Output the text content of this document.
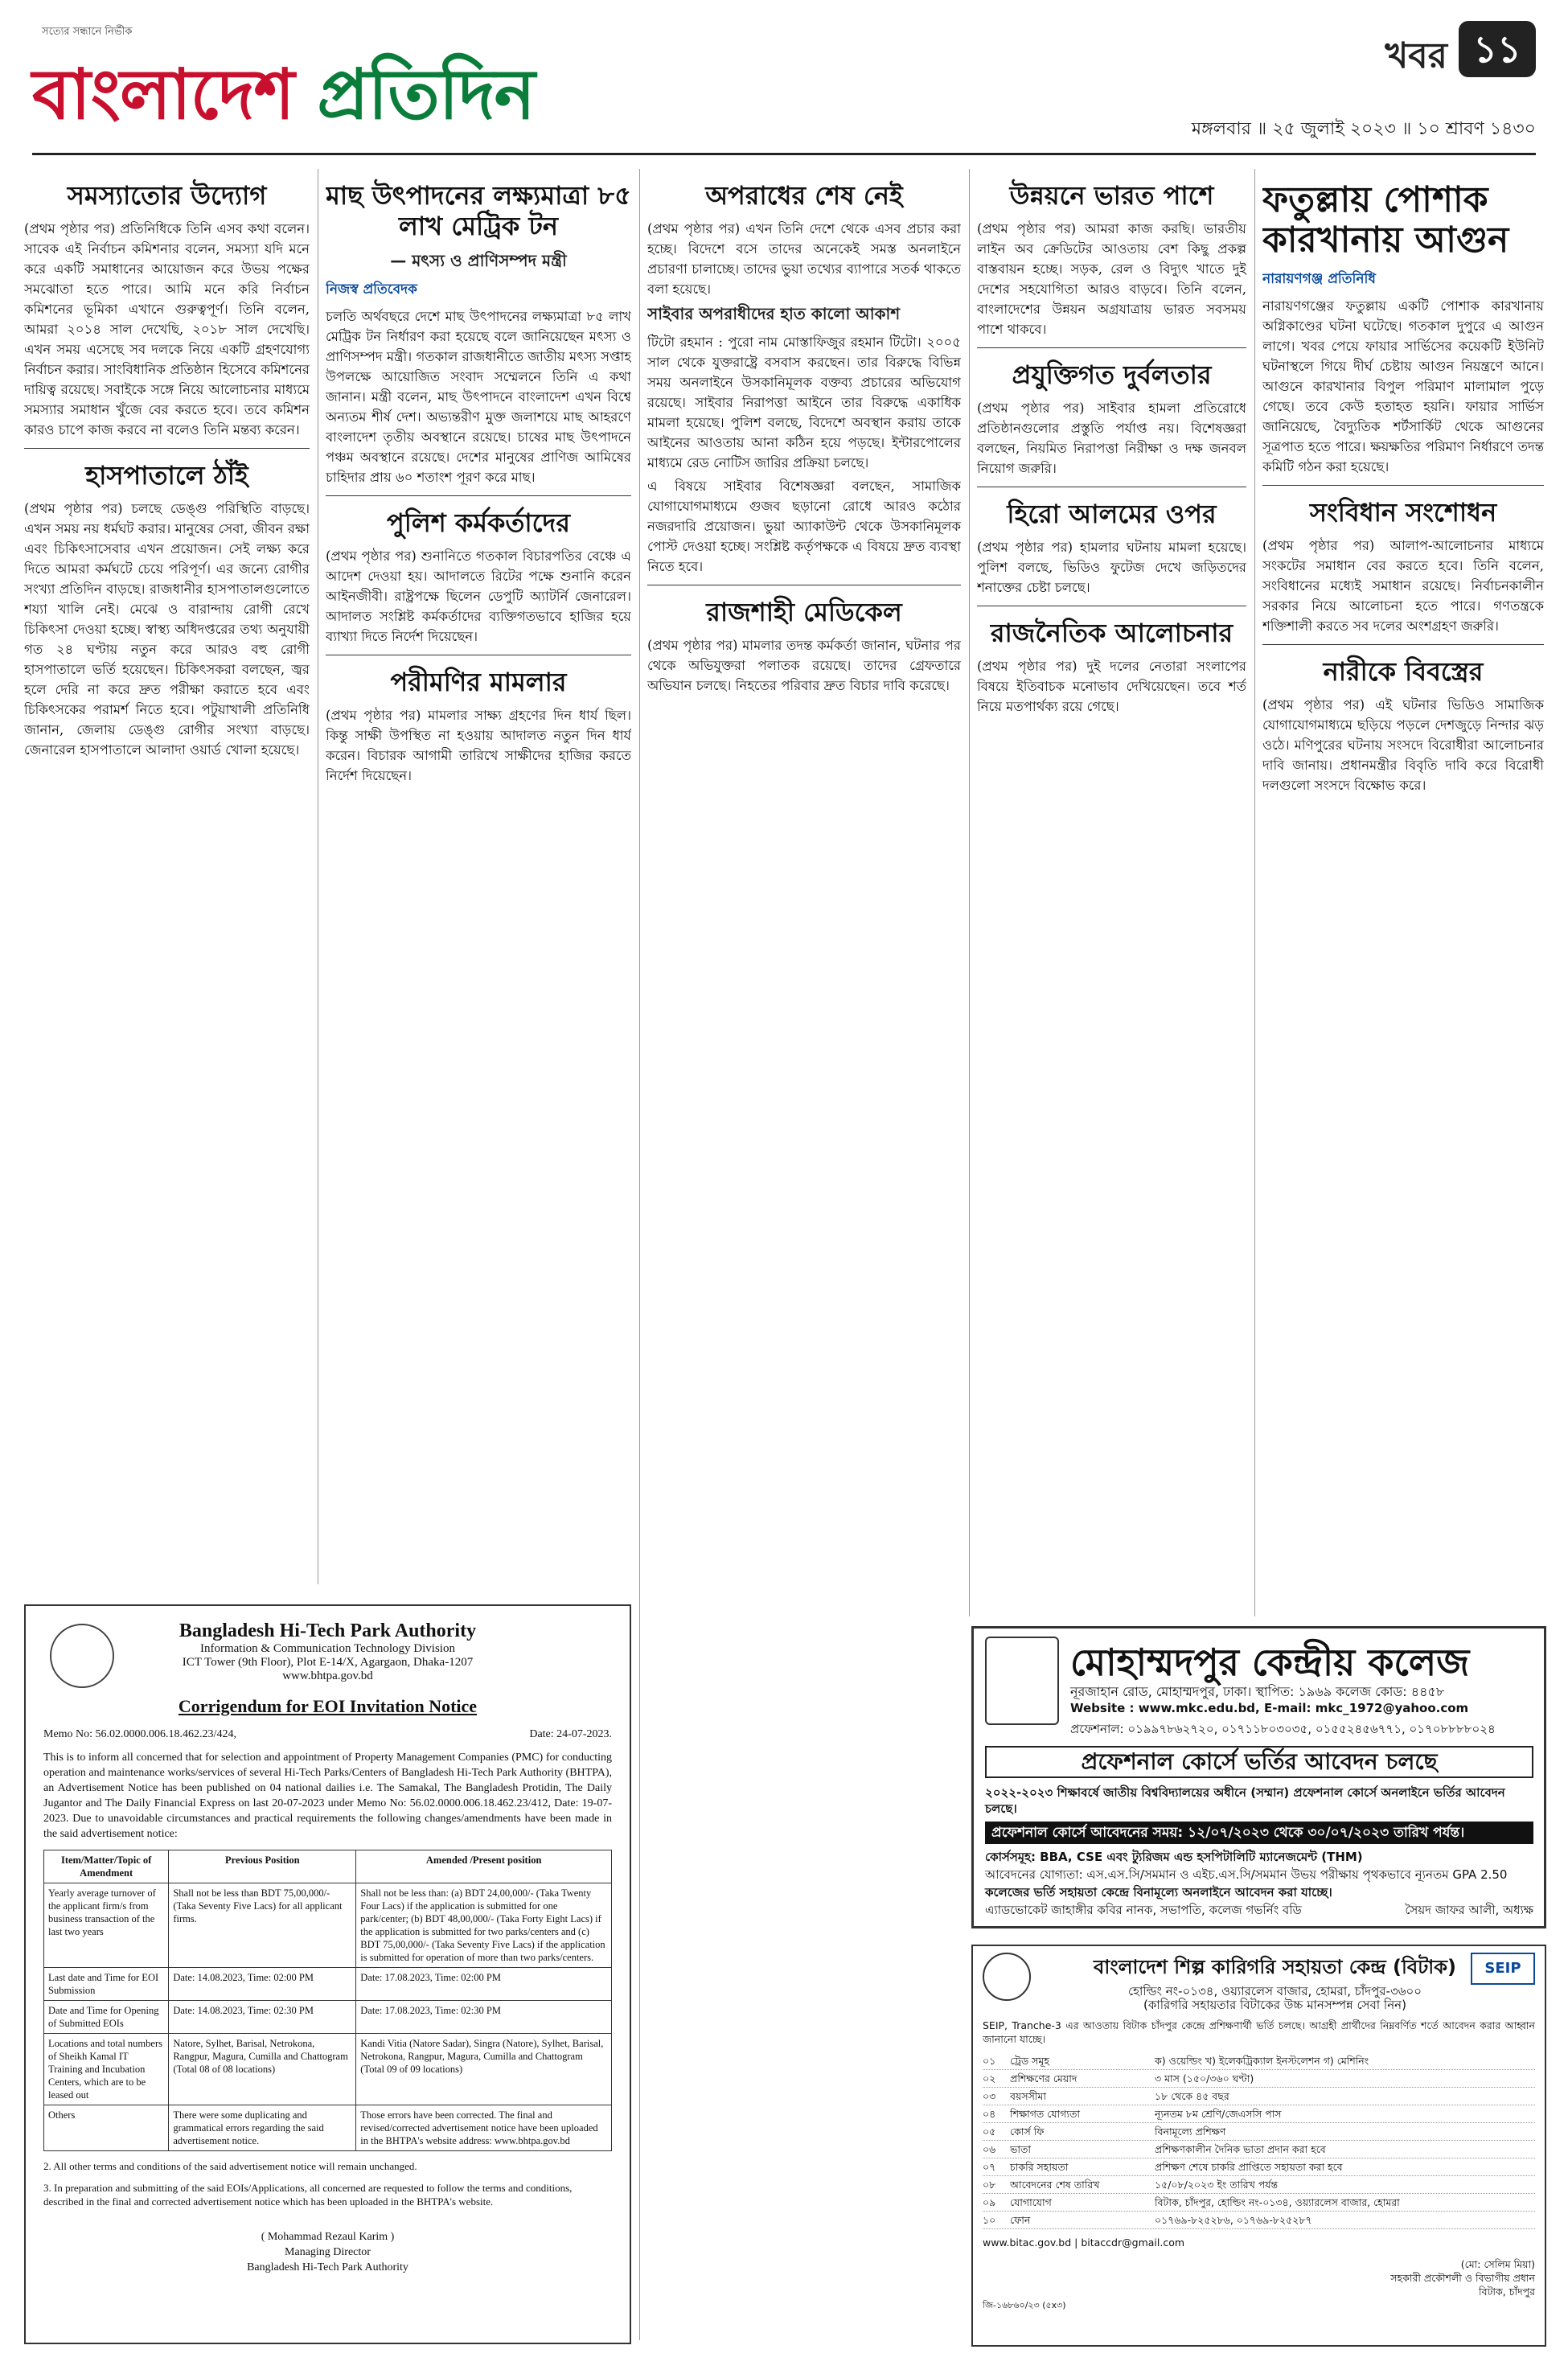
সত্যের সন্ধানে নির্ভীক
বাংলাদেশ প্রতিদিন	খবর ১১
মঙ্গলবার ॥ ২৫ জুলাই ২০২৩ ॥ ১০ শ্রাবণ ১৪৩০
সমস্যাতোর উদ্যোগ

(প্রথম পৃষ্ঠার পর) প্রতিনিধিকে তিনি এসব কথা বলেন। সাবেক এই নির্বাচন কমিশনার বলেন, সমস্যা যদি মনে করে একটি সমাধানের আয়োজন করে উভয় পক্ষের সমঝোতা হতে পারে। আমি মনে করি নির্বাচন কমিশনের ভূমিকা এখানে গুরুত্বপূর্ণ। তিনি বলেন, আমরা ২০১৪ সাল দেখেছি, ২০১৮ সাল দেখেছি। এখন সময় এসেছে সব দলকে নিয়ে একটি গ্রহণযোগ্য নির্বাচন করার। সাংবিধানিক প্রতিষ্ঠান হিসেবে কমিশনের দায়িত্ব রয়েছে। সবাইকে সঙ্গে নিয়ে আলোচনার মাধ্যমে সমস্যার সমাধান খুঁজে বের করতে হবে। তবে কমিশন কারও চাপে কাজ করবে না বলেও তিনি মন্তব্য করেন।

হাসপাতালে ঠাঁই

(প্রথম পৃষ্ঠার পর) চলছে ডেঙ্গু পরিস্থিতি বাড়ছে। এখন সময় নয় ধর্মঘট করার। মানুষের সেবা, জীবন রক্ষা এবং চিকিৎসাসেবার এখন প্রয়োজন। সেই লক্ষ্য করে দিতে আমরা কর্মঘটে চেয়ে পরিপূর্ণ। এর জন্যে রোগীর সংখ্যা প্রতিদিন বাড়ছে। রাজধানীর হাসপাতালগুলোতে শয্যা খালি নেই। মেঝে ও বারান্দায় রোগী রেখে চিকিৎসা দেওয়া হচ্ছে। স্বাস্থ্য অধিদপ্তরের তথ্য অনুযায়ী গত ২৪ ঘণ্টায় নতুন করে আরও বহু রোগী হাসপাতালে ভর্তি হয়েছেন। চিকিৎসকরা বলছেন, জ্বর হলে দেরি না করে দ্রুত পরীক্ষা করাতে হবে এবং চিকিৎসকের পরামর্শ নিতে হবে। পটুয়াখালী প্রতিনিধি জানান, জেলায় ডেঙ্গু রোগীর সংখ্যা বাড়ছে। জেনারেল হাসপাতালে আলাদা ওয়ার্ড খোলা হয়েছে।

মাছ উৎপাদনের লক্ষ্যমাত্রা ৮৫ লাখ মেট্রিক টন
— মৎস্য ও প্রাণিসম্পদ মন্ত্রী
নিজস্ব প্রতিবেদক

চলতি অর্থবছরে দেশে মাছ উৎপাদনের লক্ষ্যমাত্রা ৮৫ লাখ মেট্রিক টন নির্ধারণ করা হয়েছে বলে জানিয়েছেন মৎস্য ও প্রাণিসম্পদ মন্ত্রী। গতকাল রাজধানীতে জাতীয় মৎস্য সপ্তাহ উপলক্ষে আয়োজিত সংবাদ সম্মেলনে তিনি এ কথা জানান। মন্ত্রী বলেন, মাছ উৎপাদনে বাংলাদেশ এখন বিশ্বে অন্যতম শীর্ষ দেশ। অভ্যন্তরীণ মুক্ত জলাশয়ে মাছ আহরণে বাংলাদেশ তৃতীয় অবস্থানে রয়েছে। চাষের মাছ উৎপাদনে পঞ্চম অবস্থানে রয়েছে। দেশের মানুষের প্রাণিজ আমিষের চাহিদার প্রায় ৬০ শতাংশ পূরণ করে মাছ।

পুলিশ কর্মকর্তাদের

(প্রথম পৃষ্ঠার পর) শুনানিতে গতকাল বিচারপতির বেঞ্চে এ আদেশ দেওয়া হয়। আদালতে রিটের পক্ষে শুনানি করেন আইনজীবী। রাষ্ট্রপক্ষে ছিলেন ডেপুটি অ্যাটর্নি জেনারেল। আদালত সংশ্লিষ্ট কর্মকর্তাদের ব্যক্তিগতভাবে হাজির হয়ে ব্যাখ্যা দিতে নির্দেশ দিয়েছেন।

পরীমণির মামলার

(প্রথম পৃষ্ঠার পর) মামলার সাক্ষ্য গ্রহণের দিন ধার্য ছিল। কিন্তু সাক্ষী উপস্থিত না হওয়ায় আদালত নতুন দিন ধার্য করেন। বিচারক আগামী তারিখে সাক্ষীদের হাজির করতে নির্দেশ দিয়েছেন।

অপরাধের শেষ নেই

(প্রথম পৃষ্ঠার পর) এখন তিনি দেশে থেকে এসব প্রচার করা হচ্ছে। বিদেশে বসে তাদের অনেকেই সমস্ত অনলাইনে প্রচারণা চালাচ্ছে। তাদের ভুয়া তথ্যের ব্যাপারে সতর্ক থাকতে বলা হয়েছে।

সাইবার অপরাধীদের হাত কালো আকাশ

টিটো রহমান : পুরো নাম মোস্তাফিজুর রহমান টিটো। ২০০৫ সাল থেকে যুক্তরাষ্ট্রে বসবাস করছেন। তার বিরুদ্ধে বিভিন্ন সময় অনলাইনে উসকানিমূলক বক্তব্য প্রচারের অভিযোগ রয়েছে। সাইবার নিরাপত্তা আইনে তার বিরুদ্ধে একাধিক মামলা হয়েছে। পুলিশ বলছে, বিদেশে অবস্থান করায় তাকে আইনের আওতায় আনা কঠিন হয়ে পড়ছে। ইন্টারপোলের মাধ্যমে রেড নোটিস জারির প্রক্রিয়া চলছে।

এ বিষয়ে সাইবার বিশেষজ্ঞরা বলছেন, সামাজিক যোগাযোগমাধ্যমে গুজব ছড়ানো রোধে আরও কঠোর নজরদারি প্রয়োজন। ভুয়া অ্যাকাউন্ট থেকে উসকানিমূলক পোস্ট দেওয়া হচ্ছে। সংশ্লিষ্ট কর্তৃপক্ষকে এ বিষয়ে দ্রুত ব্যবস্থা নিতে হবে।

রাজশাহী মেডিকেল

(প্রথম পৃষ্ঠার পর) মামলার তদন্ত কর্মকর্তা জানান, ঘটনার পর থেকে অভিযুক্তরা পলাতক রয়েছে। তাদের গ্রেফতারে অভিযান চলছে। নিহতের পরিবার দ্রুত বিচার দাবি করেছে।

উন্নয়নে ভারত পাশে

(প্রথম পৃষ্ঠার পর) আমরা কাজ করছি। ভারতীয় লাইন অব ক্রেডিটের আওতায় বেশ কিছু প্রকল্প বাস্তবায়ন হচ্ছে। সড়ক, রেল ও বিদ্যুৎ খাতে দুই দেশের সহযোগিতা আরও বাড়বে। তিনি বলেন, বাংলাদেশের উন্নয়ন অগ্রযাত্রায় ভারত সবসময় পাশে থাকবে।

প্রযুক্তিগত দুর্বলতার

(প্রথম পৃষ্ঠার পর) সাইবার হামলা প্রতিরোধে প্রতিষ্ঠানগুলোর প্রস্তুতি পর্যাপ্ত নয়। বিশেষজ্ঞরা বলছেন, নিয়মিত নিরাপত্তা নিরীক্ষা ও দক্ষ জনবল নিয়োগ জরুরি।

হিরো আলমের ওপর

(প্রথম পৃষ্ঠার পর) হামলার ঘটনায় মামলা হয়েছে। পুলিশ বলছে, ভিডিও ফুটেজ দেখে জড়িতদের শনাক্তের চেষ্টা চলছে।

রাজনৈতিক আলোচনার

(প্রথম পৃষ্ঠার পর) দুই দলের নেতারা সংলাপের বিষয়ে ইতিবাচক মনোভাব দেখিয়েছেন। তবে শর্ত নিয়ে মতপার্থক্য রয়ে গেছে।

ফতুল্লায় পোশাক কারখানায় আগুন
নারায়ণগঞ্জ প্রতিনিধি

নারায়ণগঞ্জের ফতুল্লায় একটি পোশাক কারখানায় অগ্নিকাণ্ডের ঘটনা ঘটেছে। গতকাল দুপুরে এ আগুন লাগে। খবর পেয়ে ফায়ার সার্ভিসের কয়েকটি ইউনিট ঘটনাস্থলে গিয়ে দীর্ঘ চেষ্টায় আগুন নিয়ন্ত্রণে আনে। আগুনে কারখানার বিপুল পরিমাণ মালামাল পুড়ে গেছে। তবে কেউ হতাহত হয়নি। ফায়ার সার্ভিস জানিয়েছে, বৈদ্যুতিক শর্টসার্কিট থেকে আগুনের সূত্রপাত হতে পারে। ক্ষয়ক্ষতির পরিমাণ নির্ধারণে তদন্ত কমিটি গঠন করা হয়েছে।

সংবিধান সংশোধন

(প্রথম পৃষ্ঠার পর) আলাপ-আলোচনার মাধ্যমে সংকটের সমাধান বের করতে হবে। তিনি বলেন, সংবিধানের মধ্যেই সমাধান রয়েছে। নির্বাচনকালীন সরকার নিয়ে আলোচনা হতে পারে। গণতন্ত্রকে শক্তিশালী করতে সব দলের অংশগ্রহণ জরুরি।

নারীকে বিবস্ত্রের

(প্রথম পৃষ্ঠার পর) এই ঘটনার ভিডিও সামাজিক যোগাযোগমাধ্যমে ছড়িয়ে পড়লে দেশজুড়ে নিন্দার ঝড় ওঠে। মণিপুরের ঘটনায় সংসদে বিরোধীরা আলোচনার দাবি জানায়। প্রধানমন্ত্রীর বিবৃতি দাবি করে বিরোধী দলগুলো সংসদে বিক্ষোভ করে।

Bangladesh Hi-Tech Park Authority
Information & Communication Technology Division
ICT Tower (9th Floor), Plot E-14/X, Agargaon, Dhaka-1207
www.bhtpa.gov.bd
Corrigendum for EOI Invitation Notice
Memo No: 56.02.0000.006.18.462.23/424,	Date: 24-07-2023.

This is to inform all concerned that for selection and appointment of Property Management Companies (PMC) for conducting operation and maintenance works/services of several Hi-Tech Parks/Centers of Bangladesh Hi-Tech Park Authority (BHTPA), an Advertisement Notice has been published on 04 national dailies i.e. The Samakal, The Bangladesh Protidin, The Daily Jugantor and The Daily Financial Express on last 20-07-2023 under Memo No: 56.02.0000.006.18.462.23/412, Date: 19-07-2023. Due to unavoidable circumstances and practical requirements the following changes/amendments have been made in the said advertisement notice:

Item/Matter/Topic of Amendment	Previous Position	Amended /Present position
Yearly average turnover of the applicant firm/s from business transaction of the last two years	Shall not be less than BDT 75,00,000/- (Taka Seventy Five Lacs) for all applicant firms.	Shall not be less than: (a) BDT 24,00,000/- (Taka Twenty Four Lacs) if the application is submitted for one park/center; (b) BDT 48,00,000/- (Taka Forty Eight Lacs) if the application is submitted for two parks/centers and (c) BDT 75,00,000/- (Taka Seventy Five Lacs) if the application is submitted for operation of more than two parks/centers.
Last date and Time for EOI Submission	Date: 14.08.2023, Time: 02:00 PM	Date: 17.08.2023, Time: 02:00 PM
Date and Time for Opening of Submitted EOIs	Date: 14.08.2023, Time: 02:30 PM	Date: 17.08.2023, Time: 02:30 PM
Locations and total numbers of Sheikh Kamal IT Training and Incubation Centers, which are to be leased out	Natore, Sylhet, Barisal, Netrokona, Rangpur, Magura, Cumilla and Chattogram (Total 08 of 08 locations)	Kandi Vitia (Natore Sadar), Singra (Natore), Sylhet, Barisal, Netrokona, Rangpur, Magura, Cumilla and Chattogram (Total 09 of 09 locations)
Others	There were some duplicating and grammatical errors regarding the said advertisement notice.	Those errors have been corrected. The final and revised/corrected advertisement notice have been uploaded in the BHTPA's website address: www.bhtpa.gov.bd
2. All other terms and conditions of the said advertisement notice will remain unchanged.
3. In preparation and submitting of the said EOIs/Applications, all concerned are requested to follow the terms and conditions, described in the final and corrected advertisement notice which has been uploaded in the BHTPA's website.
( Mohammad Rezaul Karim )
Managing Director
Bangladesh Hi-Tech Park Authority
মোহাম্মদপুর কেন্দ্রীয় কলেজ
নূরজাহান রোড, মোহাম্মদপুর, ঢাকা। স্থাপিত: ১৯৬৯ কলেজ কোড: ৪৪৫৮
Website : www.mkc.edu.bd, E-mail: mkc_1972@yahoo.com
প্রফেশনাল: ০১৯৯৭৮৬২৭২০, ০১৭১১৮০৩০৩৫, ০১৫৫২৪৫৬৭৭১, ০১৭০৮৮৮৮০২৪
প্রফেশনাল কোর্সে ভর্তির আবেদন চলছে
২০২২-২০২৩ শিক্ষাবর্ষে জাতীয় বিশ্ববিদ্যালয়ের অধীনে (সম্মান) প্রফেশনাল কোর্সে অনলাইনে ভর্তির আবেদন চলছে।
প্রফেশনাল কোর্সে আবেদনের সময়: ১২/০৭/২০২৩ থেকে ৩০/০৭/২০২৩ তারিখ পর্যন্ত।
কোর্সসমূহ: BBA, CSE এবং ট্যুরিজম এন্ড হসপিটালিটি ম্যানেজমেন্ট (THM)
আবেদনের যোগ্যতা: এস.এস.সি/সমমান ও এইচ.এস.সি/সমমান উভয় পরীক্ষায় পৃথকভাবে ন্যূনতম GPA 2.50
কলেজের ভর্তি সহায়তা কেন্দ্রে বিনামূল্যে অনলাইনে আবেদন করা যাচ্ছে।
এ্যাডভোকেট জাহাঙ্গীর কবির নানক, সভাপতি, কলেজ গভর্নিং বডি	সৈয়দ জাফর আলী, অধ্যক্ষ
SEIP
বাংলাদেশ শিল্প কারিগরি সহায়তা কেন্দ্র (বিটাক)
হোল্ডিং নং-০১৩৪, ওয়্যারলেস বাজার, হোমরা, চাঁদপুর-৩৬০০
(কারিগরি সহায়তার বিটাকের উচ্চ মানসম্পন্ন সেবা নিন)
SEIP, Tranche-3 এর আওতায় বিটাক চাঁদপুর কেন্দ্রে প্রশিক্ষণার্থী ভর্তি চলছে। আগ্রহী প্রার্থীদের নিম্নবর্ণিত শর্তে আবেদন করার আহ্বান জানানো যাচ্ছে।
০১	ট্রেড সমূহ	ক) ওয়েল্ডিং খ) ইলেকট্রিক্যাল ইনস্টলেশন গ) মেশিনিং
০২	প্রশিক্ষণের মেয়াদ	৩ মাস (১৫০/৩৬০ ঘণ্টা)
০৩	বয়সসীমা	১৮ থেকে ৪৫ বছর
০৪	শিক্ষাগত যোগ্যতা	ন্যূনতম ৮ম শ্রেণি/জেএসসি পাস
০৫	কোর্স ফি	বিনামূল্যে প্রশিক্ষণ
০৬	ভাতা	প্রশিক্ষণকালীন দৈনিক ভাতা প্রদান করা হবে
০৭	চাকরি সহায়তা	প্রশিক্ষণ শেষে চাকরি প্রাপ্তিতে সহায়তা করা হবে
০৮	আবেদনের শেষ তারিখ	১৫/০৮/২০২৩ ইং তারিখ পর্যন্ত
০৯	যোগাযোগ	বিটাক, চাঁদপুর, হোল্ডিং নং-০১৩৪, ওয়্যারলেস বাজার, হোমরা
১০	ফোন	০১৭৬৯-৮২৫২৮৬, ০১৭৬৯-৮২৫২৮৭
www.bitac.gov.bd | bitaccdr@gmail.com
(মো: সেলিম মিয়া)
সহকারী প্রকৌশলী ও বিভাগীয় প্রধান
বিটাক, চাঁদপুর
জি-১৬৮৬০/২৩ (৫x৩)
